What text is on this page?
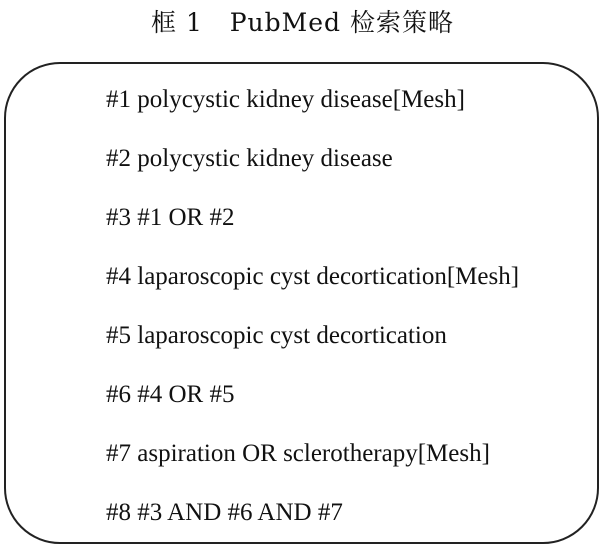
框 1   PubMed 检索策略
#1 polycystic kidney disease[Mesh]
#2 polycystic kidney disease
#3 #1 OR #2
#4 laparoscopic cyst decortication[Mesh]
#5 laparoscopic cyst decortication
#6 #4 OR #5
#7 aspiration OR sclerotherapy[Mesh]
#8 #3 AND #6 AND #7
